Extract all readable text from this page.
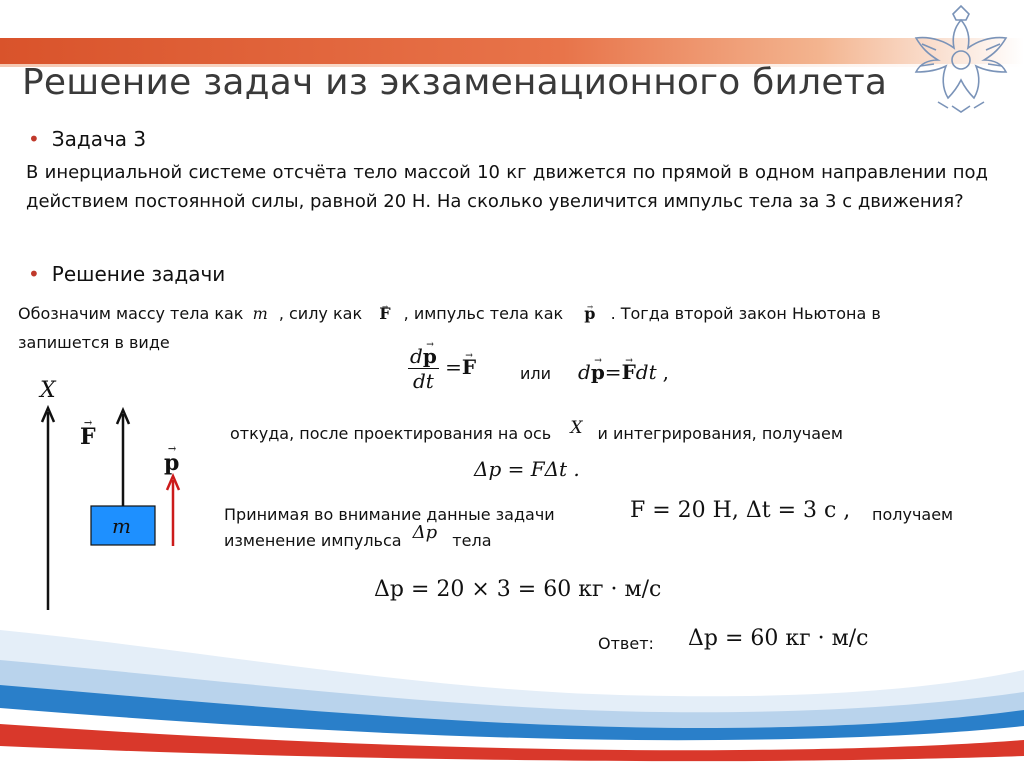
Решение задач из экзаменационного билета
• Задача 3
В инерциальной системе отсчёта тело массой 10 кг движется по прямой в одном направлении под действием постоянной силы, равной 20 Н. На сколько увеличится импульс тела за 3 с движения?
• Решение задачи
Обозначим массу тела как m , силу как → F , импульс тела как → p . Тогда второй закон Ньютона в
запишется в виде
$\frac{d\to p}{dt} =\to F$	или d→ p=→ Fdt ,
откуда, после проектирования на ось X и интегрирования, получаем
Δp = FΔt .
Принимая во внимание данные задачи	F = 20 Н, Δt = 3 с , получаем
изменение импульса Δp тела
Δp = 20 × 3 = 60 кг · м/с
Ответ: Δp = 60 кг · м/с
X
→ F
→ p
m
